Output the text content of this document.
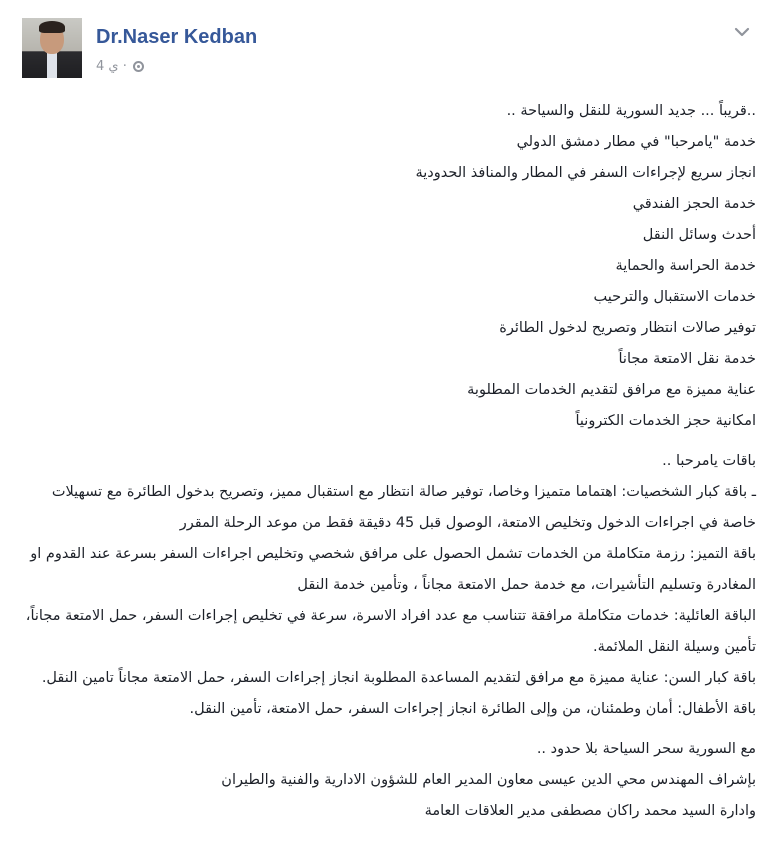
Dr.Naser Kedban
4 ‏ي ·
..قريباً ... جديد السورية للنقل والسياحة ..
خدمة "يامرحبا" في مطار دمشق الدولي
انجاز سريع لإجراءات السفر في المطار والمنافذ الحدودية
خدمة الحجز الفندقي
أحدث وسائل النقل
خدمة الحراسة والحماية
خدمات الاستقبال والترحيب
توفير صالات انتظار وتصريح لدخول الطائرة
خدمة نقل الامتعة مجاناً
عناية مميزة مع مرافق لتقديم الخدمات المطلوبة
امكانية حجز الخدمات الكترونياً
باقات يامرحبا ..
ـ باقة كبار الشخصيات: اهتماما متميزا وخاصا، توفير صالة انتظار مع استقبال مميز، وتصريح بدخول الطائرة مع تسهيلات خاصة في اجراءات الدخول وتخليص الامتعة، الوصول قبل 45 دقيقة فقط من موعد الرحلة المقرر
باقة التميز: رزمة متكاملة من الخدمات تشمل الحصول على مرافق شخصي وتخليص اجراءات السفر بسرعة عند القدوم او المغادرة وتسليم التأشيرات، مع خدمة حمل الامتعة مجاناً ، وتأمين خدمة النقل
الباقة العائلية: خدمات متكاملة مرافقة تتناسب مع عدد افراد الاسرة، سرعة في تخليص إجراءات السفر، حمل الامتعة مجاناً، تأمين وسيلة النقل الملائمة.
باقة كبار السن: عناية مميزة مع مرافق لتقديم المساعدة المطلوبة انجاز إجراءات السفر، حمل الامتعة مجاناً تامين النقل.
باقة الأطفال: أمان وطمئنان، من وإلى الطائرة انجاز إجراءات السفر، حمل الامتعة، تأمين النقل.
مع السورية سحر السياحة بلا حدود ..
بإشراف المهندس محي الدين عيسى معاون المدير العام للشؤون الادارية والفنية والطيران
وادارة السيد محمد راكان مصطفى مدير العلاقات العامة
